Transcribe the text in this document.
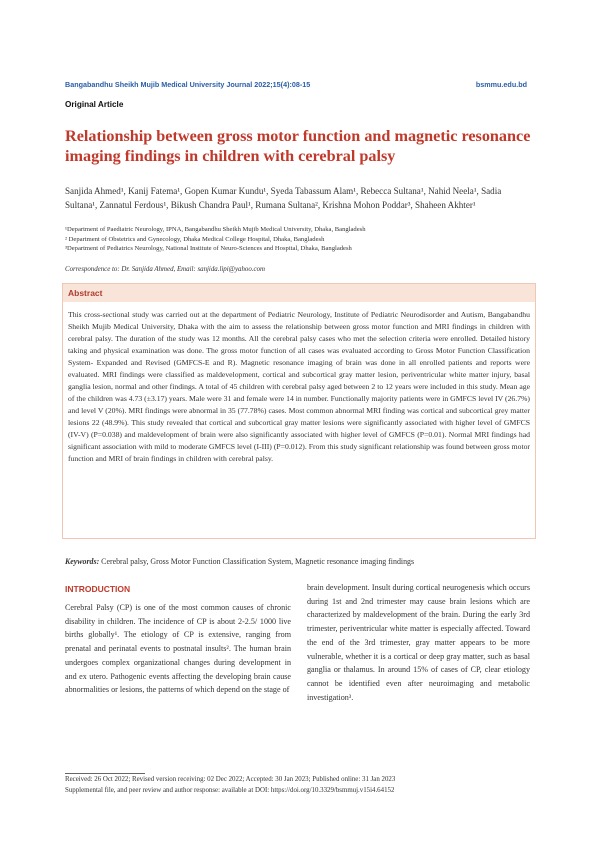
Bangabandhu Sheikh Mujib Medical University Journal 2022;15(4):08-15	bsmmu.edu.bd
Original Article
Relationship between gross motor function and magnetic resonance imaging findings in children with cerebral palsy
Sanjida Ahmed¹, Kanij Fatema¹, Gopen Kumar Kundu¹, Syeda Tabassum Alam¹, Rebecca Sultana¹, Nahid Neela¹, Sadia Sultana¹, Zannatul Ferdous¹, Bikush Chandra Paul¹, Rumana Sultana², Krishna Mohon Poddar³, Shaheen Akhter¹
¹Department of Paediatric Neurology, IPNA, Bangabandhu Sheikh Mujib Medical University, Dhaka, Bangladesh
² Department of Obstetrics and Gynecology, Dhaka Medical College Hospital, Dhaka, Bangladesh
³Department of Pediatrics Neurology, National Institute of Neuro-Sciences and Hospital, Dhaka, Bangladesh
Correspondence to: Dr. Sanjida Ahmed, Email: sanjida.lipi@yahoo.com
Abstract
This cross-sectional study was carried out at the department of Pediatric Neurology, Institute of Pediatric Neurodisorder and Autism, Bangabandhu Sheikh Mujib Medical University, Dhaka with the aim to assess the relationship between gross motor function and MRI findings in children with cerebral palsy. The duration of the study was 12 months. All the cerebral palsy cases who met the selection criteria were enrolled. Detailed history taking and physical examination was done. The gross motor function of all cases was evaluated according to Gross Motor Function Classification System- Expanded and Revised (GMFCS-E and R). Magnetic resonance imaging of brain was done in all enrolled patients and reports were evaluated. MRI findings were classified as maldevelopment, cortical and subcortical gray matter lesion, periventricular white matter injury, basal ganglia lesion, normal and other findings. A total of 45 children with cerebral palsy aged between 2 to 12 years were included in this study. Mean age of the children was 4.73 (±3.17) years. Male were 31 and female were 14 in number. Functionally majority patients were in GMFCS level IV (26.7%) and level V (20%). MRI findings were abnormal in 35 (77.78%) cases. Most common abnormal MRI finding was cortical and subcortical grey matter lesions 22 (48.9%). This study revealed that cortical and subcortical gray matter lesions were significantly associated with higher level of GMFCS (IV-V) (P=0.038) and maldevelopment of brain were also significantly associated with higher level of GMFCS (P=0.01). Normal MRI findings had significant association with mild to moderate GMFCS level (I-III) (P=0.012). From this study significant relationship was found between gross motor function and MRI of brain findings in children with cerebral palsy.
Keywords: Cerebral palsy, Gross Motor Function Classification System, Magnetic resonance imaging findings
INTRODUCTION
Cerebral Palsy (CP) is one of the most common causes of chronic disability in children. The incidence of CP is about 2-2.5/ 1000 live births globally¹. The etiology of CP is extensive, ranging from prenatal and perinatal events to postnatal insults². The human brain undergoes complex organizational changes during development in and ex utero. Pathogenic events affecting the developing brain cause abnormalities or lesions, the patterns of which depend on the stage of
brain development. Insult during cortical neurogenesis which occurs during 1st and 2nd trimester may cause brain lesions which are characterized by maldevelopment of the brain. During the early 3rd trimester, periventricular white matter is especially affected. Toward the end of the 3rd trimester, gray matter appears to be more vulnerable, whether it is a cortical or deep gray matter, such as basal ganglia or thalamus. In around 15% of cases of CP, clear etiology cannot be identified even after neuroimaging and metabolic investigation³.
Received: 26 Oct 2022; Revised version receiving: 02 Dec 2022; Accepted: 30 Jan 2023; Published online: 31 Jan 2023
Supplemental file, and peer review and author response: available at DOI: https://doi.org/10.3329/bsmmuj.v15i4.64152
